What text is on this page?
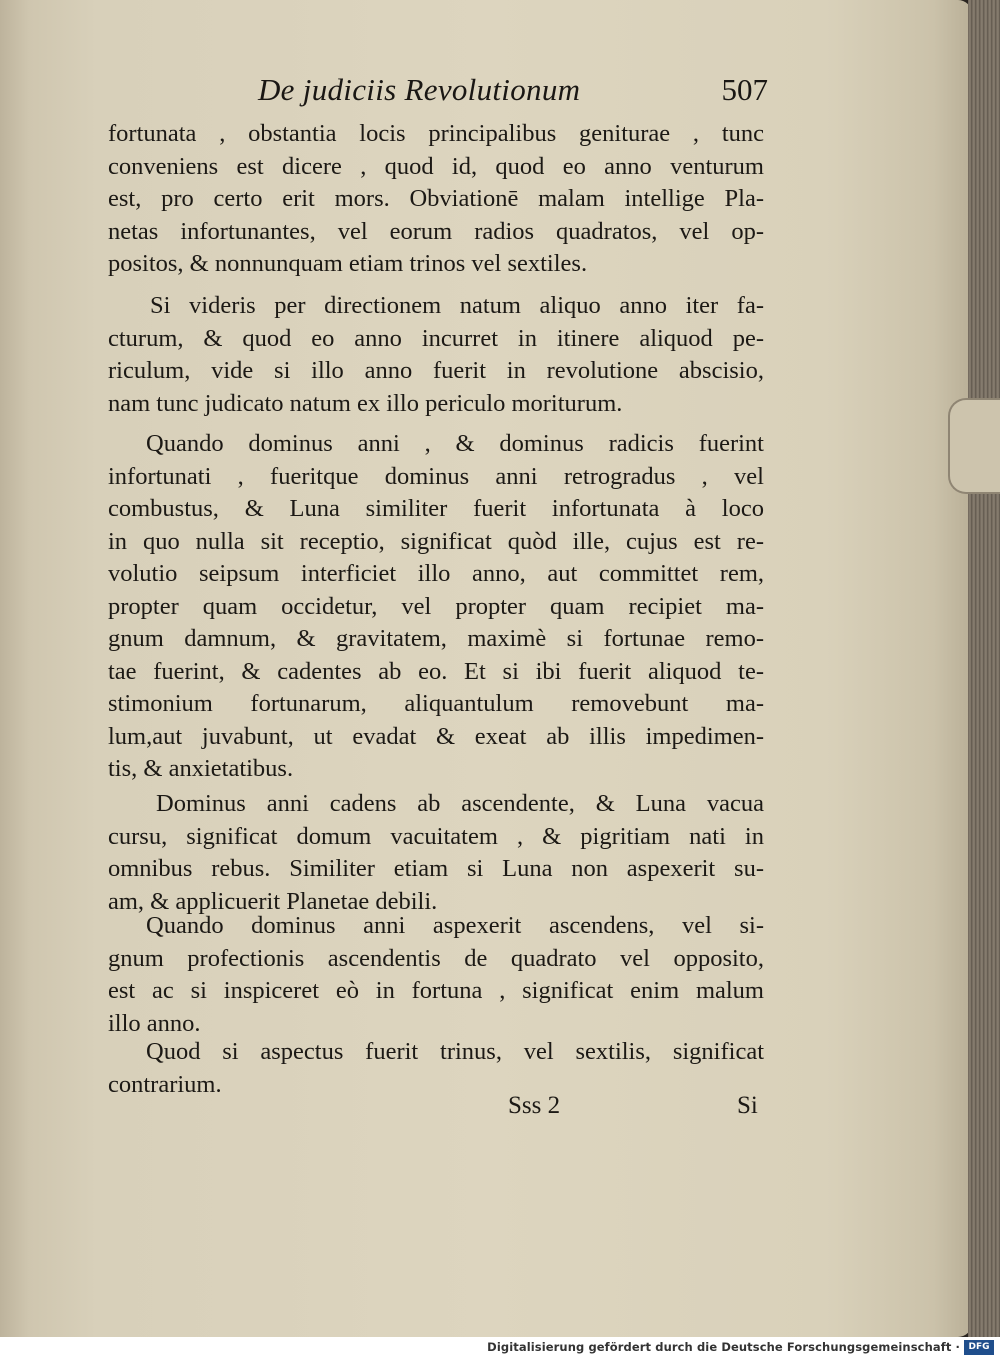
De judiciis Revolutionum	507
fortunata , obstantia locis principalibus geniturae , tunc
conveniens est dicere , quod id, quod eo anno venturum
est, pro certo erit mors. Obviationē malam intellige Pla-
netas infortunantes, vel eorum radios quadratos, vel op-
positos, & nonnunquam etiam trinos vel sextiles.
Si videris per directionem natum aliquo anno iter fa-
cturum, & quod eo anno incurret in itinere aliquod pe-
riculum, vide si illo anno fuerit in revolutione abscisio,
nam tunc judicato natum ex illo periculo moriturum.
Quando dominus anni , & dominus radicis fuerint
infortunati , fueritque dominus anni retrogradus , vel
combustus, & Luna similiter fuerit infortunata à loco
in quo nulla sit receptio, significat quòd ille, cujus est re-
volutio seipsum interficiet illo anno, aut committet rem,
propter quam occidetur, vel propter quam recipiet ma-
gnum damnum, & gravitatem, maximè si fortunae remo-
tae fuerint, & cadentes ab eo. Et si ibi fuerit aliquod te-
stimonium fortunarum, aliquantulum removebunt ma-
lum,aut juvabunt, ut evadat & exeat ab illis impedimen-
tis, & anxietatibus.
Dominus anni cadens ab ascendente, & Luna vacua
cursu, significat domum vacuitatem , & pigritiam nati in
omnibus rebus. Similiter etiam si Luna non aspexerit su-
am, & applicuerit Planetae debili.
Quando dominus anni aspexerit ascendens, vel si-
gnum profectionis ascendentis de quadrato vel opposito,
est ac si inspiceret eò in fortuna , significat enim malum
illo anno.
Quod si aspectus fuerit trinus, vel sextilis, significat
contrarium.
Sss 2	Si
Digitalisierung gefördert durch die Deutsche Forschungsgemeinschaft · DFG
